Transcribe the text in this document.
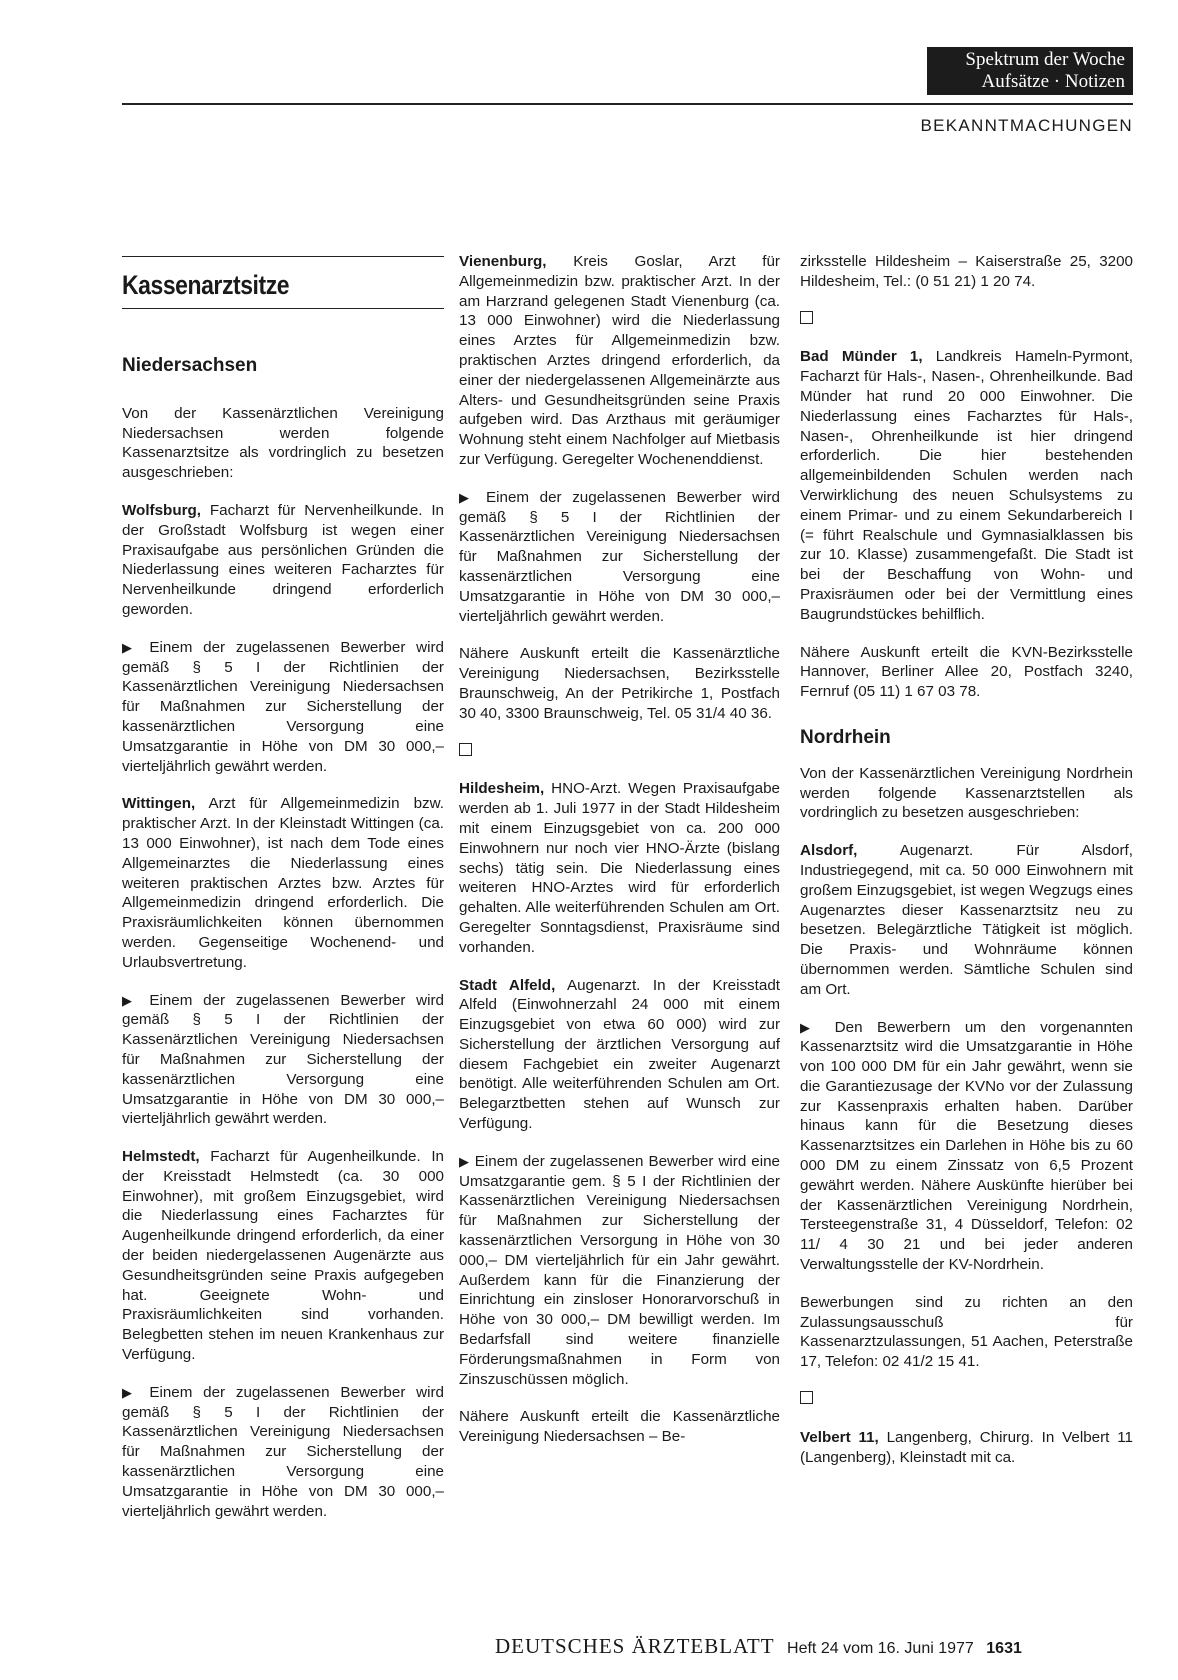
Spektrum der Woche
Aufsätze · Notizen
BEKANNTMACHUNGEN
Kassenarztsitze
Niedersachsen

Von der Kassenärztlichen Vereinigung Niedersachsen werden folgende Kassenarztsitze als vordringlich zu besetzen ausgeschrieben:

Wolfsburg, Facharzt für Nervenheilkunde. In der Großstadt Wolfsburg ist wegen einer Praxisaufgabe aus persönlichen Gründen die Niederlassung eines weiteren Facharztes für Nervenheilkunde dringend erforderlich geworden.

▶ Einem der zugelassenen Bewerber wird gemäß § 5 I der Richtlinien der Kassenärztlichen Vereinigung Niedersachsen für Maßnahmen zur Sicherstellung der kassenärztlichen Versorgung eine Umsatzgarantie in Höhe von DM 30 000,– vierteljährlich gewährt werden.

Wittingen, Arzt für Allgemeinmedizin bzw. praktischer Arzt. In der Kleinstadt Wittingen (ca. 13 000 Einwohner), ist nach dem Tode eines Allgemeinarztes die Niederlassung eines weiteren praktischen Arztes bzw. Arztes für Allgemeinmedizin dringend erforderlich. Die Praxisräumlichkeiten können übernommen werden. Gegenseitige Wochenend- und Urlaubsvertretung.

▶ Einem der zugelassenen Bewerber wird gemäß § 5 I der Richtlinien der Kassenärztlichen Vereinigung Niedersachsen für Maßnahmen zur Sicherstellung der kassenärztlichen Versorgung eine Umsatzgarantie in Höhe von DM 30 000,– vierteljährlich gewährt werden.

Helmstedt, Facharzt für Augenheilkunde. In der Kreisstadt Helmstedt (ca. 30 000 Einwohner), mit großem Einzugsgebiet, wird die Niederlassung eines Facharztes für Augenheilkunde dringend erforderlich, da einer der beiden niedergelassenen Augenärzte aus Gesundheitsgründen seine Praxis aufgegeben hat. Geeignete Wohn- und Praxisräumlichkeiten sind vorhanden. Belegbetten stehen im neuen Krankenhaus zur Verfügung.

▶ Einem der zugelassenen Bewerber wird gemäß § 5 I der Richtlinien der Kassenärztlichen Vereinigung Niedersachsen für Maßnahmen zur Sicherstellung der kassenärztlichen Versorgung eine Umsatzgarantie in Höhe von DM 30 000,– vierteljährlich gewährt werden.

Vienenburg, Kreis Goslar, Arzt für Allgemeinmedizin bzw. praktischer Arzt. In der am Harzrand gelegenen Stadt Vienenburg (ca. 13 000 Einwohner) wird die Niederlassung eines Arztes für Allgemeinmedizin bzw. praktischen Arztes dringend erforderlich, da einer der niedergelassenen Allgemeinärzte aus Alters- und Gesundheitsgründen seine Praxis aufgeben wird. Das Arzthaus mit geräumiger Wohnung steht einem Nachfolger auf Mietbasis zur Verfügung. Geregelter Wochenenddienst.

▶ Einem der zugelassenen Bewerber wird gemäß § 5 I der Richtlinien der Kassenärztlichen Vereinigung Niedersachsen für Maßnahmen zur Sicherstellung der kassenärztlichen Versorgung eine Umsatzgarantie in Höhe von DM 30 000,– vierteljährlich gewährt werden.

Nähere Auskunft erteilt die Kassenärztliche Vereinigung Niedersachsen, Bezirksstelle Braunschweig, An der Petrikirche 1, Postfach 30 40, 3300 Braunschweig, Tel. 05 31/4 40 36.

Hildesheim, HNO-Arzt. Wegen Praxisaufgabe werden ab 1. Juli 1977 in der Stadt Hildesheim mit einem Einzugsgebiet von ca. 200 000 Einwohnern nur noch vier HNO-Ärzte (bislang sechs) tätig sein. Die Niederlassung eines weiteren HNO-Arztes wird für erforderlich gehalten. Alle weiterführenden Schulen am Ort. Geregelter Sonntagsdienst, Praxisräume sind vorhanden.

Stadt Alfeld, Augenarzt. In der Kreisstadt Alfeld (Einwohnerzahl 24 000 mit einem Einzugsgebiet von etwa 60 000) wird zur Sicherstellung der ärztlichen Versorgung auf diesem Fachgebiet ein zweiter Augenarzt benötigt. Alle weiterführenden Schulen am Ort. Belegarztbetten stehen auf Wunsch zur Verfügung.

▶ Einem der zugelassenen Bewerber wird eine Umsatzgarantie gem. § 5 I der Richtlinien der Kassenärztlichen Vereinigung Niedersachsen für Maßnahmen zur Sicherstellung der kassenärztlichen Versorgung in Höhe von 30 000,– DM vierteljährlich für ein Jahr gewährt. Außerdem kann für die Finanzierung der Einrichtung ein zinsloser Honorarvorschuß in Höhe von 30 000,– DM bewilligt werden. Im Bedarfsfall sind weitere finanzielle Förderungsmaßnahmen in Form von Zinszuschüssen möglich.

Nähere Auskunft erteilt die Kassenärztliche Vereinigung Niedersachsen – Be-

zirksstelle Hildesheim – Kaiserstraße 25, 3200 Hildesheim, Tel.: (0 51 21) 1 20 74.

Bad Münder 1, Landkreis Hameln-Pyrmont, Facharzt für Hals-, Nasen-, Ohrenheilkunde. Bad Münder hat rund 20 000 Einwohner. Die Niederlassung eines Facharztes für Hals-, Nasen-, Ohrenheilkunde ist hier dringend erforderlich. Die hier bestehenden allgemeinbildenden Schulen werden nach Verwirklichung des neuen Schulsystems zu einem Primar- und zu einem Sekundarbereich I (= führt Realschule und Gymnasialklassen bis zur 10. Klasse) zusammengefaßt. Die Stadt ist bei der Beschaffung von Wohn- und Praxisräumen oder bei der Vermittlung eines Baugrundstückes behilflich.

Nähere Auskunft erteilt die KVN-Bezirksstelle Hannover, Berliner Allee 20, Postfach 3240, Fernruf (05 11) 1 67 03 78.

Nordrhein

Von der Kassenärztlichen Vereinigung Nordrhein werden folgende Kassenarztstellen als vordringlich zu besetzen ausgeschrieben:

Alsdorf, Augenarzt. Für Alsdorf, Industriegegend, mit ca. 50 000 Einwohnern mit großem Einzugsgebiet, ist wegen Wegzugs eines Augenarztes dieser Kassenarztsitz neu zu besetzen. Belegärztliche Tätigkeit ist möglich. Die Praxis- und Wohnräume können übernommen werden. Sämtliche Schulen sind am Ort.

▶ Den Bewerbern um den vorgenannten Kassenarztsitz wird die Umsatzgarantie in Höhe von 100 000 DM für ein Jahr gewährt, wenn sie die Garantiezusage der KVNo vor der Zulassung zur Kassenpraxis erhalten haben. Darüber hinaus kann für die Besetzung dieses Kassenarztsitzes ein Darlehen in Höhe bis zu 60 000 DM zu einem Zinssatz von 6,5 Prozent gewährt werden. Nähere Auskünfte hierüber bei der Kassenärztlichen Vereinigung Nordrhein, Tersteegenstraße 31, 4 Düsseldorf, Telefon: 02 11/ 4 30 21 und bei jeder anderen Verwaltungsstelle der KV-Nordrhein.

Bewerbungen sind zu richten an den Zulassungsausschuß für Kassenarztzulassungen, 51 Aachen, Peterstraße 17, Telefon: 02 41/2 15 41.

Velbert 11, Langenberg, Chirurg. In Velbert 11 (Langenberg), Kleinstadt mit ca.

DEUTSCHES ÄRZTEBLATT Heft 24 vom 16. Juni 1977 1631
